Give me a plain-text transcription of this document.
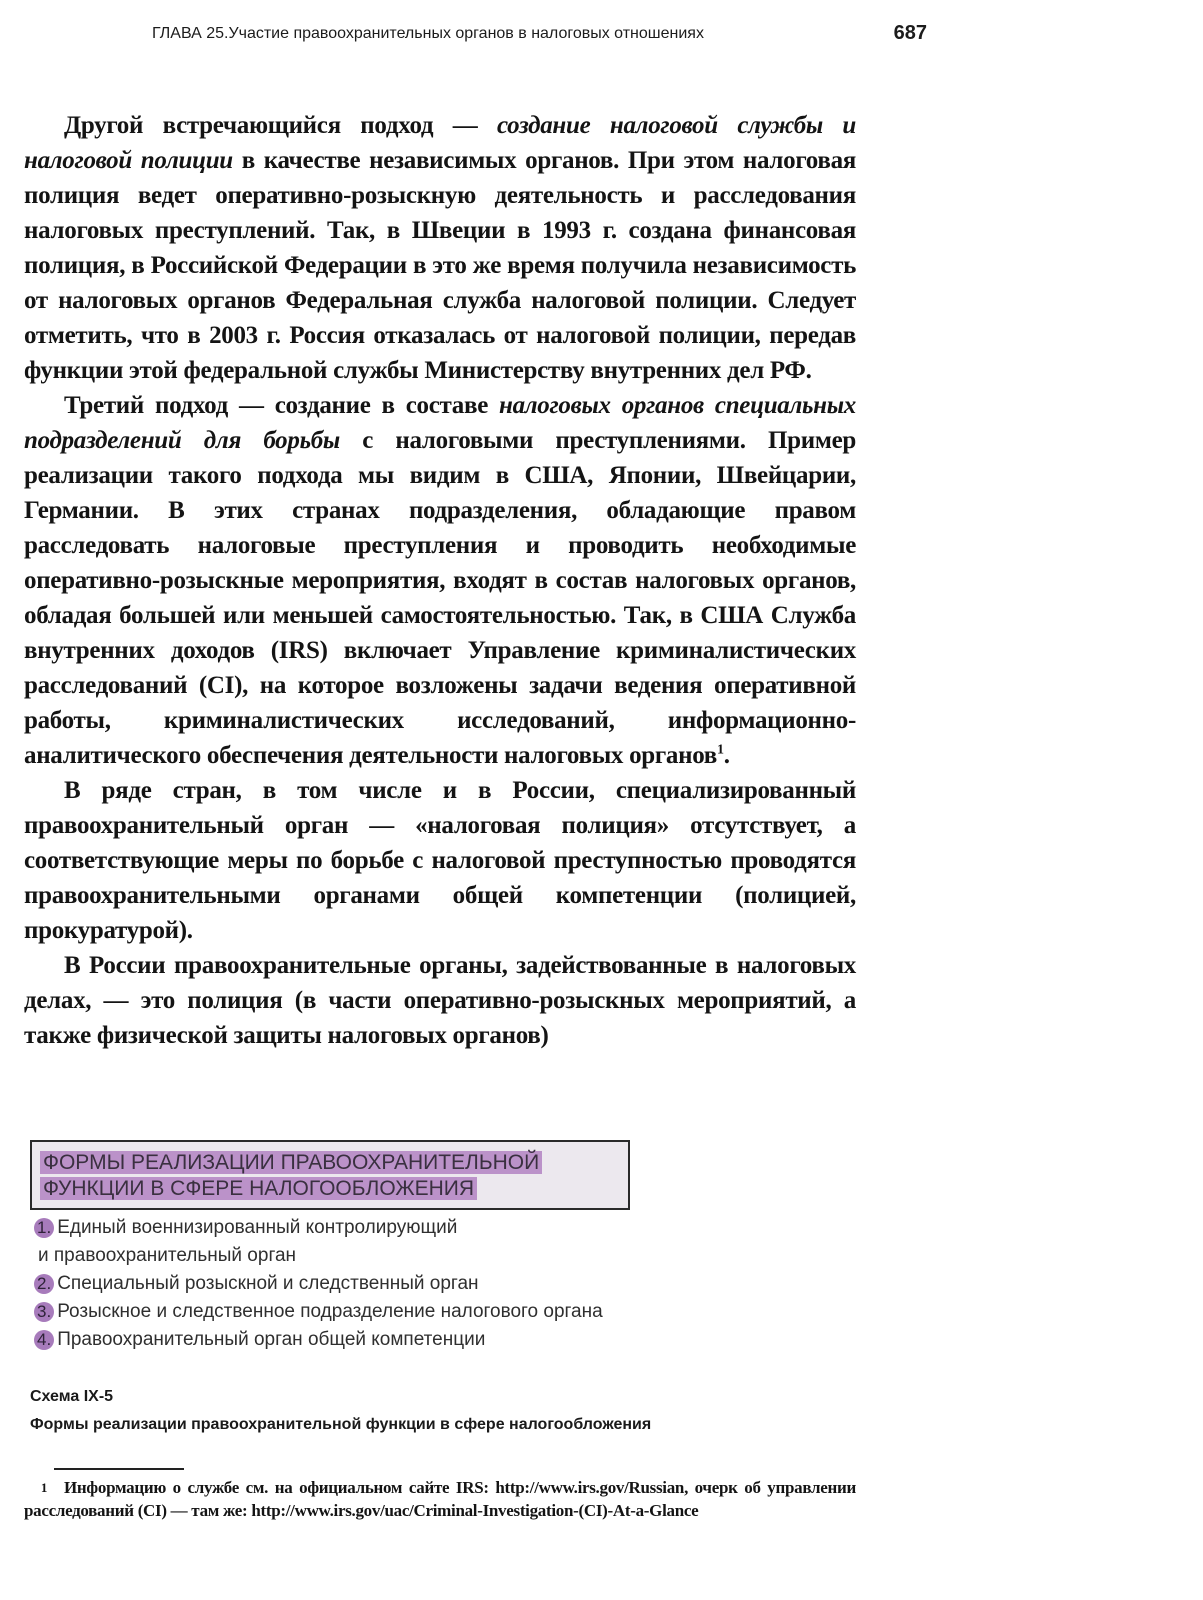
ГЛАВА 25.Участие правоохранительных органов в налоговых отношениях	687

Другой встречающийся подход — создание налоговой службы и налоговой полиции в качестве независимых органов. При этом налоговая полиция ведет оперативно-розыскную деятельность и расследования налоговых преступлений. Так, в Швеции в 1993 г. создана финансовая полиция, в Российской Федерации в это же время получила независимость от налоговых органов Федеральная служба налоговой полиции. Следует отметить, что в 2003 г. Россия отказалась от налоговой полиции, передав функции этой федеральной службы Министерству внутренних дел РФ.

Третий подход — создание в составе налоговых органов специальных подразделений для борьбы с налоговыми преступлениями. Пример реализации такого подхода мы видим в США, Японии, Швейцарии, Германии. В этих странах подразделения, обладающие правом расследовать налоговые преступления и проводить необходимые оперативно-розыскные мероприятия, входят в состав налоговых органов, обладая большей или меньшей самостоятельностью. Так, в США Служба внутренних доходов (IRS) включает Управление криминалистических расследований (CI), на которое возложены задачи ведения оперативной работы, криминалистических исследований, информационно-аналитического обеспечения деятельности налоговых органов$^1$.

В ряде стран, в том числе и в России, специализированный правоохранительный орган — «налоговая полиция» отсутствует, а соответствующие меры по борьбе с налоговой преступностью проводятся правоохранительными органами общей компетенции (полицией, прокуратурой).

В России правоохранительные органы, задействованные в налоговых делах, — это полиция (в части оперативно-розыскных мероприятий, а также физической защиты налоговых органов)

ФОРМЫ РЕАЛИЗАЦИИ ПРАВООХРАНИТЕЛЬНОЙ
ФУНКЦИИ В СФЕРЕ НАЛОГООБЛОЖЕНИЯ
1. Единый военнизированный контролирующий
и правоохранительный орган
2. Специальный розыскной и следственный орган
3. Розыскное и следственное подразделение налогового органа
4. Правоохранительный орган общей компетенции
Схема IX-5
Формы реализации правоохранительной функции в сфере налогообложения
1 Информацию о службе см. на официальном сайте IRS: http://www.irs.gov/Russian, очерк об управлении расследований (CI) — там же: http://www.irs.gov/uac/Criminal-Investigation-(CI)-At-a-Glance
